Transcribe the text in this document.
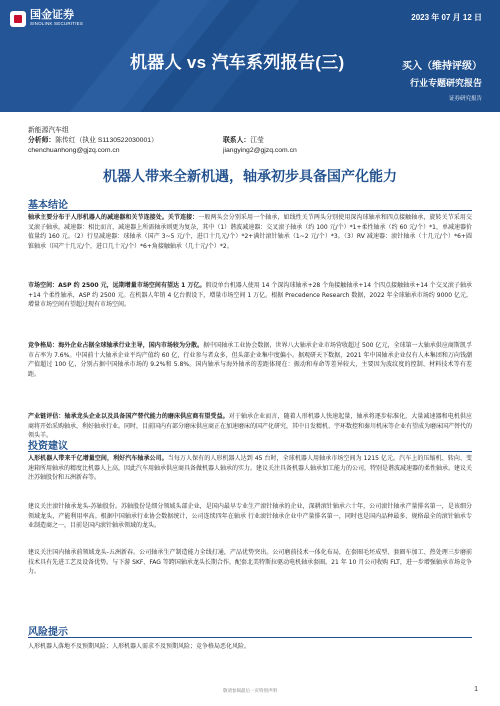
国金证券
SINOLINK SECURITIES
2023 年 07 月 12 日
机器人 vs 汽车系列报告(三)	买入（维持评级）
行业专题研究报告
证券研究报告
新能源汽车组
分析师：陈传红（执业 S1130522030001）	联系人：江莹
chenchuanhong@gjzq.com.cn	jiangying2@gjzq.com.cn
机器人带来全新机遇，轴承初步具备国产化能力
基本结论
轴承主要分布于人形机器人的减速器和关节连接处。关节连接：一般两头会分别采用一个轴承，如线性关节两头分别使用深沟球轴承和四点接触轴承，旋转关节采用交叉滚子轴承。减速器：相比而言，减速器上所需轴承则更为复杂，其中（1）谐波减速器：交叉滚子轴承（约 100 元/个）*1+柔性轴承（约 60 元/个）*1，单减速器价值量约 160 元。（2）行星减速器：球轴承（国产 3~5 元/个，进口十几元/个）*2+满针滚针轴承（1~2 元/个）*3。（3）RV 减速器：滚针轴承（十几元/个）*6+圆锥轴承（国产十几元/个，进口几十元/个）*6+角接触轴承（几十元/个）*2。
市场空间：ASP 约 2500 元，远期增量市场空间有望达 1 万亿。假设单台机器人使用 14 个深沟球轴承+28 个角接触轴承+14 个四点接触轴承+14 个交叉滚子轴承+14 个柔性轴承，ASP 约 2500 元。在机器人年销 4 亿台假设下，增量市场空间 1 万亿。根据 Precedence Research 数据，2022 年全球轴承市场约 9000 亿元，增量市场空间有望超过现有市场空间。
竞争格局：海外企业占据全球轴承行业主导，国内市场较为分散。据中国轴承工业协会数据，世界八大轴承企业市场营收超过 500 亿元，全球第一大轴承供应商斯凯孚市占率为 7.6%。中国前十大轴承企业平均产值约 60 亿，行业参与者众多，但头部企业集中度偏小。据观研天下数据，2021 年中国轴承企业仅有人本集团和万向钱潮产值超过 100 亿，分别占据中国轴承市场的 9.2%和 5.8%。国内轴承与海外轴承的差距体现在：振动和寿命等差异较大，主要因为波纹度的控制、材料技术等有差距。
产业链评估：轴承龙头企业以及具备国产替代能力的磨床供应商有望受益。对于轴承企业而言，随着人形机器人快速起量，轴承将逐步标准化，大量减速器和电机供应商将开始采购轴承，利好轴承行业。同时，目前国内有部分磨床供应商正在加速磨床的国产化研究，其中日发精机、宇环数控和秦川机床等企业有望成为磨床国产替代的领头羊。
投资建议
人形机器人带来千亿增量空间，利好汽车轴承公司。当每万人保有的人形机器人达到 45 台时，全球机器人用轴承市场空间为 1215 亿元。汽车上的压缩机、转向、变速箱所用轴承的精度比机器人上高，因此汽车用轴承供应商具备做机器人轴承的实力。建议关注具备机器人轴承加工能力的公司，特别是谐波减速器的柔性轴承。建议关注苏轴股份和五洲新春等。
建议关注滚针轴承龙头-苏轴股份。苏轴股份是细分领域头部企业，是国内最早专业生产滚针轴承的企业，深耕滚针轴承六十年，公司滚针轴承产量排名第一，是该细分领域龙头，产能利用率高。根据中国轴承行业协会数据统计，公司连续四年在轴承 行业滚针轴承企业中产量排名第一，同时也是国内品种最多、规格最全的滚针轴承专业制造商之一，目前是国内滚针轴承领域的龙头。
建议关注国内轴承前领域龙头-五洲新春。公司轴承生产制造能力全线打通，产品优势突出。公司磨前技术一体化布局，在套圈毛坯成型、套圈车加工、热处理三步磨前技术具有先进工艺及设备优势。与下游 SKF、FAG 等跨国轴承龙头长期合作，配套北美特斯拉驱动电机轴承套圈。21 年 10 月公司收购 FLT，进一步增强轴承市场竞争力。
风险提示
人形机器人落地不及预期风险；人形机器人需求不及预期风险；竞争格局恶化风险。
敬请参阅最后一页特别声明	1
